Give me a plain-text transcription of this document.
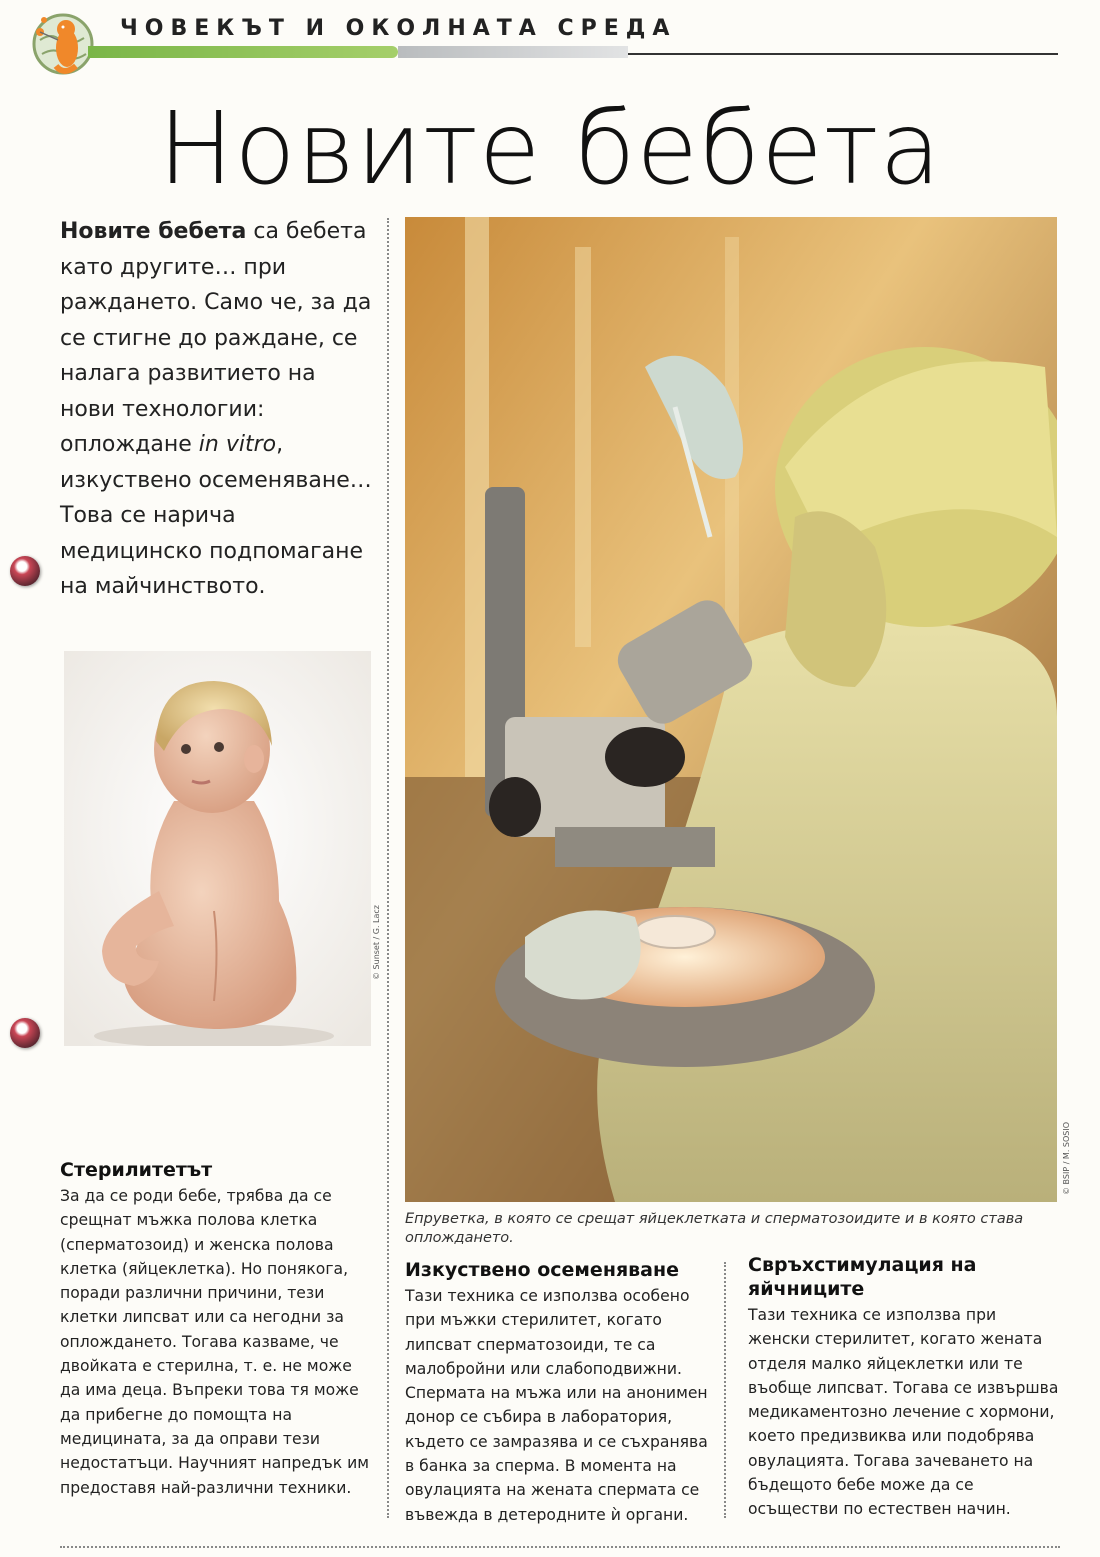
ЧОВЕКЪТ И ОКОЛНАТА СРЕДА
Новите бебета
Новите бебета са бебета като другите… при раждането. Само че, за да се стигне до раждане, се налага развитието на нови технологии: оплождане in vitro, изкуствено осеменяване… Това се нарича медицинско подпомагане на майчинството.
© Sunset / G. Lacz
© BSIP / M. SOSIO
Епруветка, в която се срещат яйцеклетката и сперматозоидите и в която става оплождането.
Стерилитетът
За да се роди бебе, трябва да се срещнат мъжка полова клетка (сперматозоид) и женска полова клетка (яйцеклетка). Но понякога, поради различни причини, тези клетки липсват или са негодни за оплождането. Тогава казваме, че двойката е стерилна, т. е. не може да има деца. Въпреки това тя може да прибегне до помощта на медицината, за да оправи тези недостатъци. Научният напредък им предоставя най-различни техники.
Изкуствено осеменяване
Тази техника се използва особено при мъжки стерилитет, когато липсват сперматозоиди, те са малобройни или слабоподвижни. Спермата на мъжа или на анонимен донор се събира в лаборатория, където се замразява и се съхранява в банка за сперма. В момента на овулацията на жената спермата се въвежда в детеродните ѝ органи.
Свръхстимулация на яйчниците
Тази техника се използва при женски стерилитет, когато жената отделя малко яйцеклетки или те въобще липсват. Тогава се извършва медикаментозно лечение с хормони, което предизвиква или подобрява овулацията. Тогава зачеването на бъдещото бебе може да се осъществи по естествен начин.
